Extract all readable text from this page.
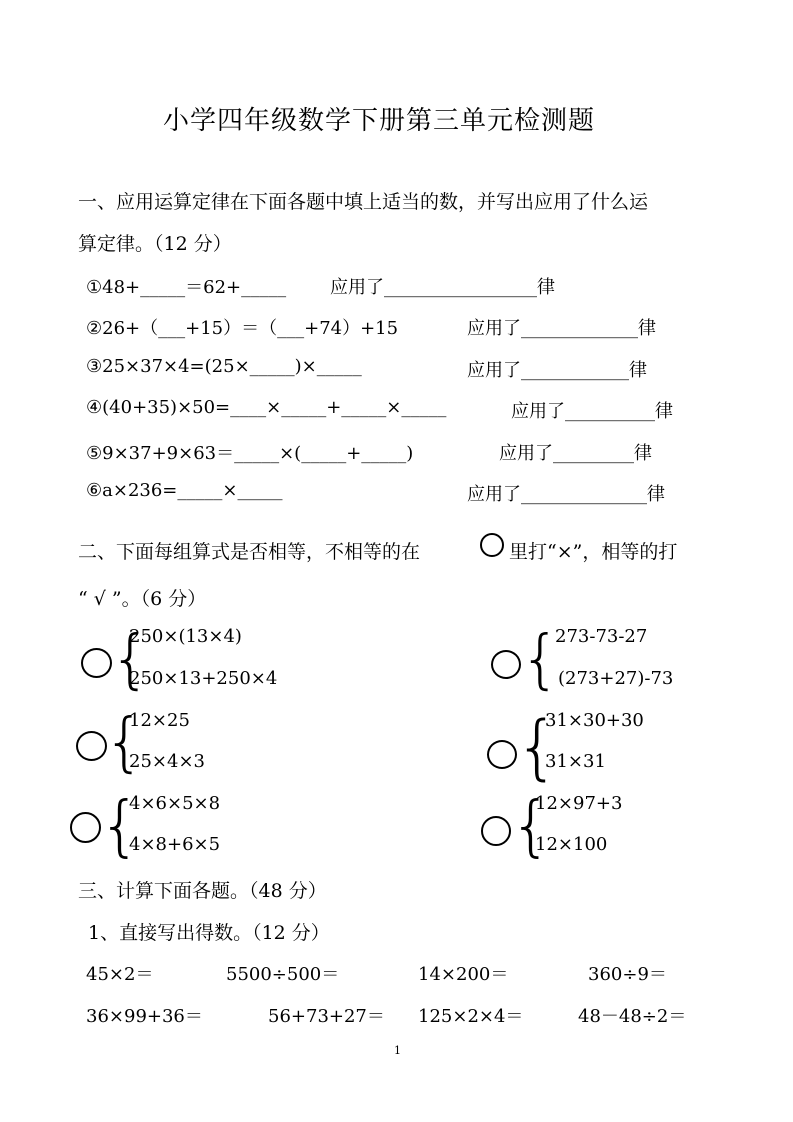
小学四年级数学下册第三单元检测题
一、应用运算定律在下面各题中填上适当的数，并写出应用了什么运
算定律。（12 分）
①48+_____＝62+_____ 应用了_________________律
②26+（___+15）＝（___+74）+15	应用了_____________律
③25×37×4=(25×_____)×_____	应用了____________律
④(40+35)×50=____×_____+_____×_____	应用了__________律
⑤9×37+9×63＝_____×(_____+_____)	应用了_________律
⑥a×236=_____×_____	应用了______________律
二、下面每组算式是否相等，不相等的在	里打“×”，相等的打
“ √ ”。（6 分）
{
250×(13×4)
250×13+250×4	{
273-73-27
(273+27)-73
{
12×25
25×4×3	{
31×30+30
31×31
{
4×6×5×8
4×8+6×5	{
12×97+3
12×100
三、计算下面各题。（48 分）
1、直接写出得数。（12 分）
45×2＝	5500÷500＝	14×200＝	360÷9＝
36×99+36＝	56+73+27＝ 125×2×4＝	48－48÷2＝
1
